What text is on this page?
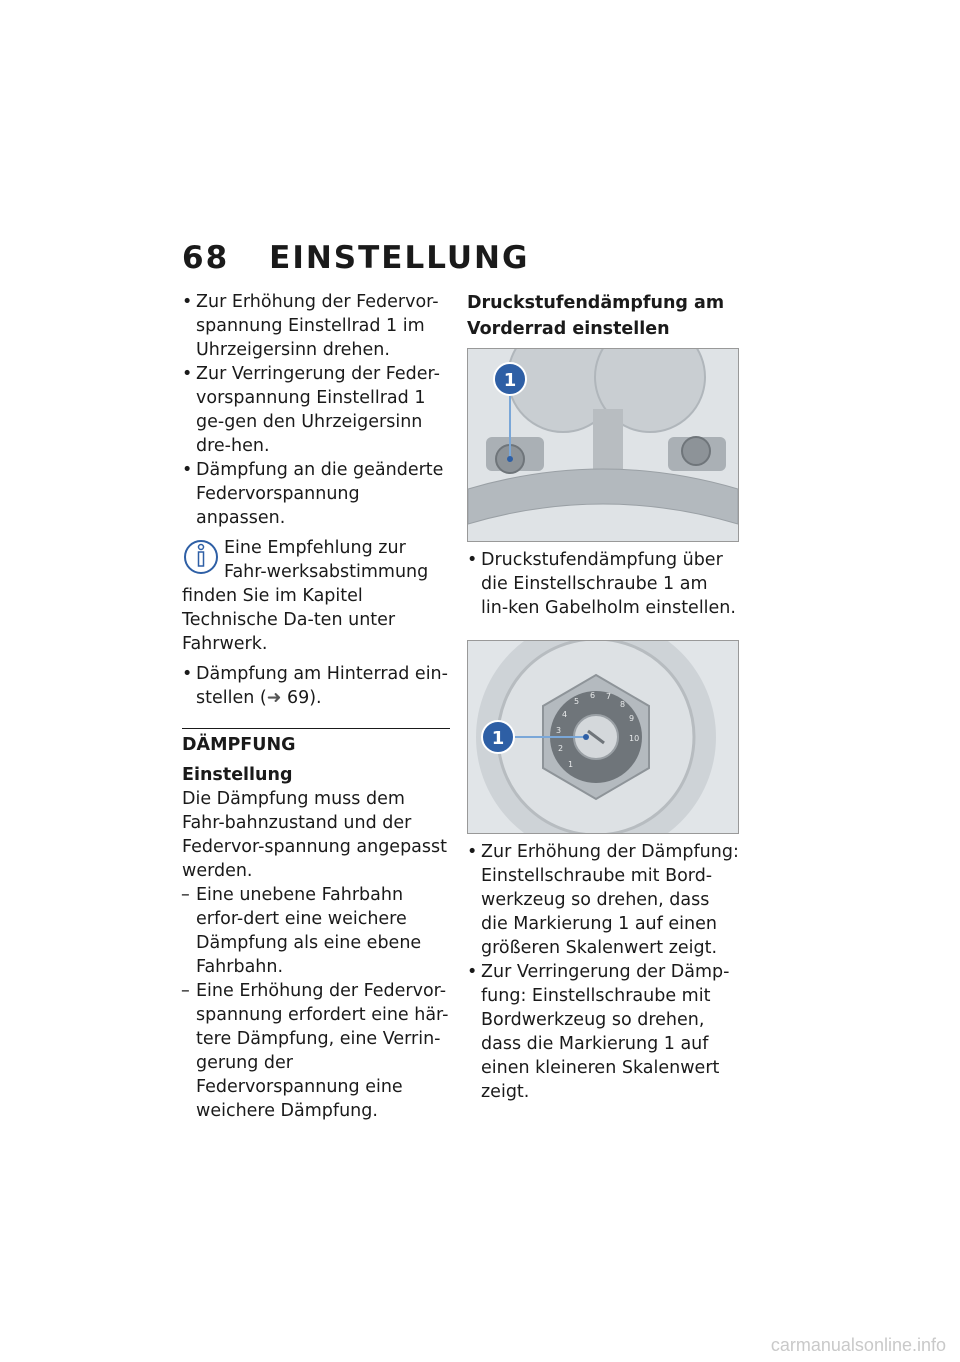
68 EINSTELLUNG
• Zur Erhöhung der Federvor-spannung Einstellrad 1 im Uhrzeigersinn drehen.
• Zur Verringerung der Feder-vorspannung Einstellrad 1 ge-gen den Uhrzeigersinn dre-hen.
• Dämpfung an die geänderte Federvorspannung anpassen.
Eine Empfehlung zur Fahr-werksabstimmung finden Sie im Kapitel Technische Da-ten unter Fahrwerk.
• Dämpfung am Hinterrad ein-stellen (➜ 69).
DÄMPFUNG
Einstellung
Die Dämpfung muss dem Fahr-bahnzustand und der Federvor-spannung angepasst werden.
– Eine unebene Fahrbahn erfor-dert eine weichere Dämpfung als eine ebene Fahrbahn.
– Eine Erhöhung der Federvor-spannung erfordert eine här-tere Dämpfung, eine Verrin-gerung der Federvorspannung eine weichere Dämpfung.
Druckstufendämpfung am Vorderrad einstellen
1
• Druckstufendämpfung über die Einstellschraube 1 am lin-ken Gabelholm einstellen.
1
2
3
4
5
6 7
8
9
10
1
• Zur Erhöhung der Dämpfung: Einstellschraube mit Bord-werkzeug so drehen, dass die Markierung 1 auf einen größeren Skalenwert zeigt.
• Zur Verringerung der Dämp-fung: Einstellschraube mit Bordwerkzeug so drehen, dass die Markierung 1 auf einen kleineren Skalenwert zeigt.
carmanualsonline.info
